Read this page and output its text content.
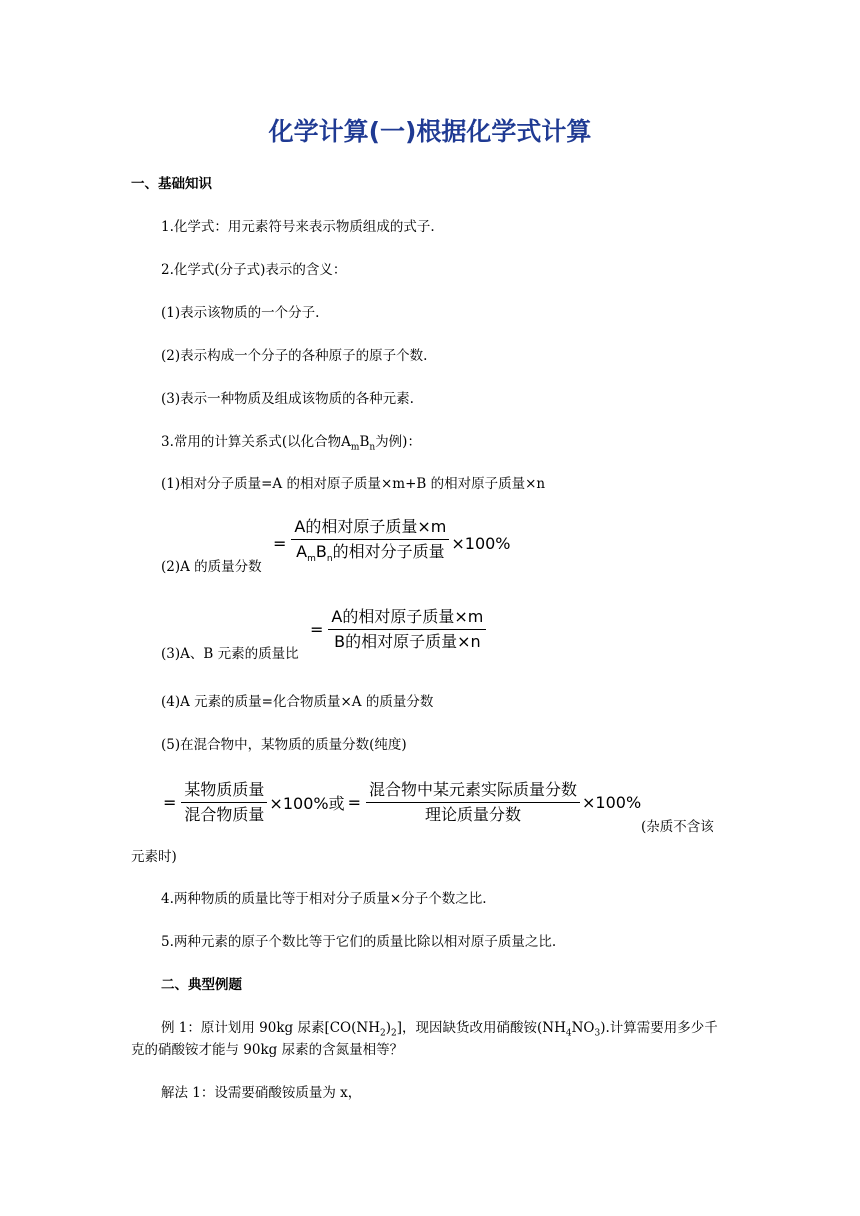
化学计算(一)根据化学式计算
一、基础知识
1.化学式：用元素符号来表示物质组成的式子.
2.化学式(分子式)表示的含义：
(1)表示该物质的一个分子.
(2)表示构成一个分子的各种原子的原子个数.
(3)表示一种物质及组成该物质的各种元素.
3.常用的计算关系式(以化合物$A_mB_n$为例)：
(1)相对分子质量=A 的相对原子质量×m+B 的相对原子质量×n
(2)A 的质量分数
= $\frac{\text{A的相对原子质量×m}}{A_mB_n的相对分子质量} \times 100\%$
(3)A、B 元素的质量比
= $\frac{\text{A的相对原子质量×m}}{\text{B的相对原子质量×n}}$
(4)A 元素的质量=化合物质量×A 的质量分数
(5)在混合物中，某物质的质量分数(纯度)
= $\frac{\text{某物质质量}}{\text{混合物质量}} \times 100\%$或 = $\frac{\text{混合物中某元素实际质量分数}}{\text{理论质量分数}} \times 100\%$
(杂质不含该
元素时)
4.两种物质的质量比等于相对分子质量×分子个数之比.
5.两种元素的原子个数比等于它们的质量比除以相对原子质量之比.
二、典型例题
例 1：原计划用 90kg 尿素$[CO(NH_2)_2]$，现因缺货改用硝酸铵$(NH_4NO_3)$.计算需要用多少千
克的硝酸铵才能与 90kg 尿素的含氮量相等？
解法 1：设需要硝酸铵质量为 x，
